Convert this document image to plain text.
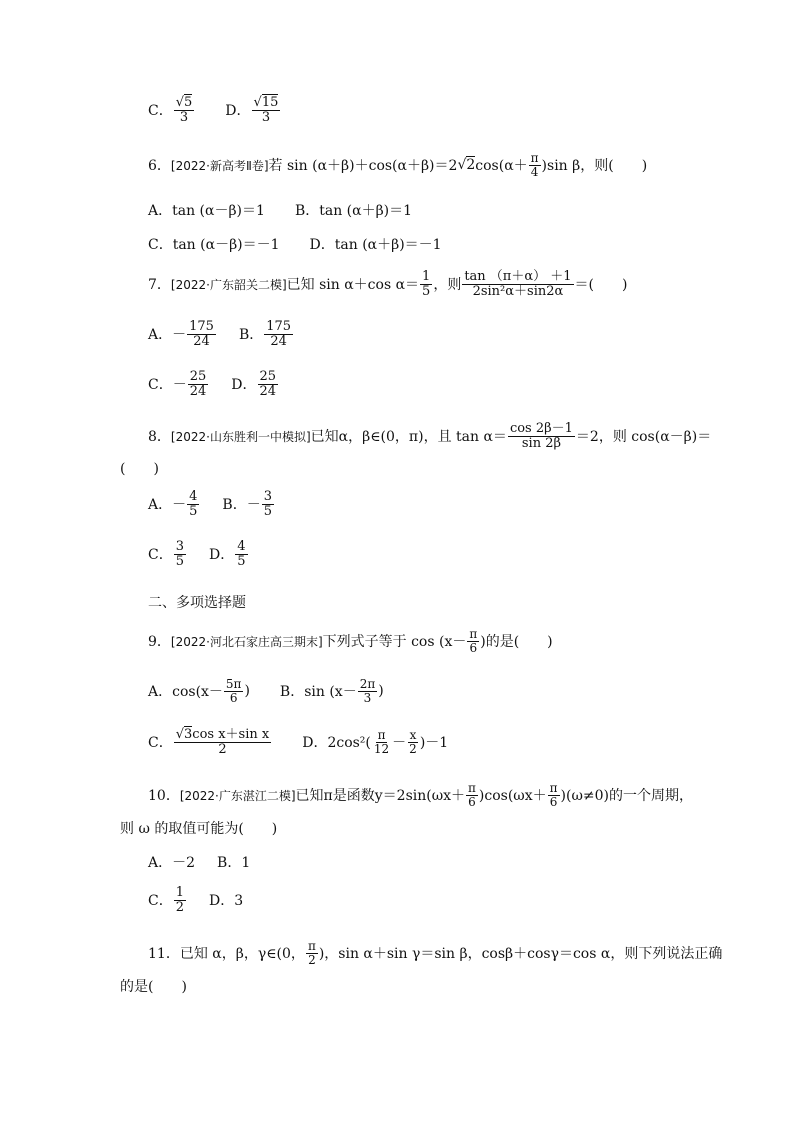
C． $\frac{√5}{3}$ D． $\frac{√15}{3}$
6． [2022·新高考Ⅱ卷] 若 sin (α＋β)＋cos(α＋β)＝2 √2 $\cos(\alpha+ \frac{\pi}{4} )\sin$ β，则(　　)
A．tan (α－β)＝1 B．tan (α＋β)＝1
C．tan (α－β)＝－1 D．tan (α＋β)＝－1
7． [2022·广东韶关二模] 已知 sin α＋cos $\alpha= \frac{1}{5}$ ，则 $\frac{\tan (\pi+\alpha) +1}{\text{2sin²α＋sin2α}}$ ＝(　　)
A．－ $\frac{175}{24}$ B． $\frac{175}{24}$
C．－ $\frac{25}{24}$ D． $\frac{25}{24}$
8． [2022·山东胜利一中模拟] 已知α，β∈(0，π)，且 $\tan \alpha= \frac{\cos 2\beta-1}{\sin 2\beta} =2$，则 cos(α－β)＝
(　　)
A．－ $\frac{4}{5}$ B．－ $\frac{3}{5}$
C． $\frac{3}{5}$ D． $\frac{4}{5}$
二、多项选择题
9． [2022·河北石家庄高三期末] 下列式子等于 $\cos (x- \frac{\pi}{6}$ )的是(　　)
A．$\cos(x- \frac{5\pi}{6}$ ) B．$\sin (x- \frac{2\pi}{3}$ )
C． $\frac{\text{√3cos x＋sin x}}{2}$ D．$2\cos^2( \frac{\pi}{12} - \frac{x}{2} )-1$
10． [2022·广东湛江二模] 已知π是函数$y=2\sin(\omega x+ \frac{\pi}{6} )\cos(\omega x+ \frac{\pi}{6} )(\omega\ne 0)$的一个周期，
则 ω 的取值可能为(　　)
A．－2 B．1
C． $\frac{1}{2}$ D．3
11． 已知 α，β，γ∈(0， $\frac{\pi}{2}$ )，sin α＋sin γ＝sin β，cosβ＋cosγ＝cos α，则下列说法正确
的是(　　)
